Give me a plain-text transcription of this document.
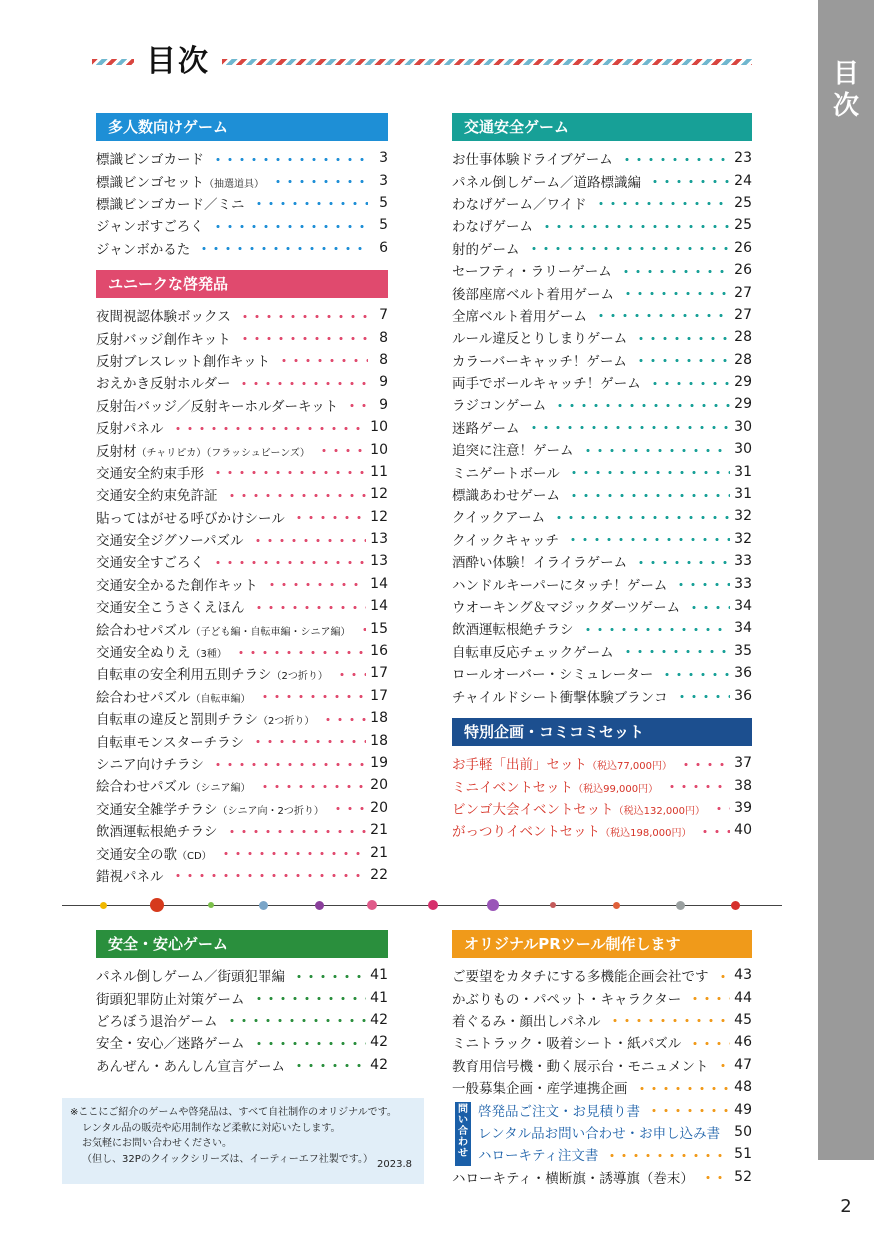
目
次
2
目次
多人数向けゲーム
標識ビンゴカード	3
標識ビンゴセット（抽選道具）	3
標識ビンゴカード／ミニ	5
ジャンボすごろく	5
ジャンボかるた	6
ユニークな啓発品
夜間視認体験ボックス	7
反射バッジ創作キット	8
反射ブレスレット創作キット	8
おえかき反射ホルダー	9
反射缶バッジ／反射キーホルダーキット	9
反射パネル	10
反射材（チャリピカ）（フラッシュビーンズ）	10
交通安全約束手形	11
交通安全約束免許証	12
貼ってはがせる呼びかけシール	12
交通安全ジグソーパズル	13
交通安全すごろく	13
交通安全かるた創作キット	14
交通安全こうさくえほん	14
絵合わせパズル（子ども編・自転車編・シニア編） 15
交通安全ぬりえ（3種）	16
自転車の安全利用五則チラシ（2つ折り）	17
絵合わせパズル（自転車編）	17
自転車の違反と罰則チラシ（2つ折り）	18
自転車モンスターチラシ	18
シニア向けチラシ	19
絵合わせパズル（シニア編）	20
交通安全雑学チラシ（シニア向・2つ折り）	20
飲酒運転根絶チラシ	21
交通安全の歌（CD）	21
錯視パネル	22
交通安全ゲーム
お仕事体験ドライブゲーム	23
パネル倒しゲーム／道路標識編	24
わなげゲーム／ワイド	25
わなげゲーム	25
射的ゲーム	26
セーフティ・ラリーゲーム	26
後部座席ベルト着用ゲーム	27
全席ベルト着用ゲーム	27
ルール違反とりしまりゲーム	28
カラーバーキャッチ！ゲーム	28
両手でボールキャッチ！ゲーム	29
ラジコンゲーム	29
迷路ゲーム	30
追突に注意！ゲーム	30
ミニゲートボール	31
標識あわせゲーム	31
クイックアーム	32
クイックキャッチ	32
酒酔い体験！イライラゲーム	33
ハンドルキーパーにタッチ！ゲーム	33
ウオーキング＆マジックダーツゲーム	34
飲酒運転根絶チラシ	34
自転車反応チェックゲーム	35
ロールオーバー・シミュレーター	36
チャイルドシート衝撃体験ブランコ	36
特別企画・コミコミセット
お手軽「出前」セット（税込77,000円）	37
ミニイベントセット（税込99,000円）	38
ビンゴ大会イベントセット（税込132,000円） 39
がっつりイベントセット（税込198,000円）	40
安全・安心ゲーム
パネル倒しゲーム／街頭犯罪編	41
街頭犯罪防止対策ゲーム	41
どろぼう退治ゲーム	42
安全・安心／迷路ゲーム	42
あんぜん・あんしん宣言ゲーム	42
オリジナルPRツール制作します
ご要望をカタチにする多機能企画会社です 43
かぶりもの・パペット・キャラクター	44
着ぐるみ・顔出しパネル	45
ミニトラック・吸着シート・紙パズル	46
教育用信号機・動く展示台・モニュメント 47
一般募集企画・産学連携企画	48
啓発品ご注文・お見積り書	49
レンタル品お問い合わせ・お申し込み書 50
ハローキティ注文書	51
ハローキティ・横断旗・誘導旗（巻末）	52
問
い
合
わ
せ
※ここにご紹介のゲームや啓発品は、すべて自社制作のオリジナルです。
レンタル品の販売や応用制作など柔軟に対応いたします。
お気軽にお問い合わせください。
（但し、32Pのクイックシリーズは、イーティーエフ社製です。） 2023.8
